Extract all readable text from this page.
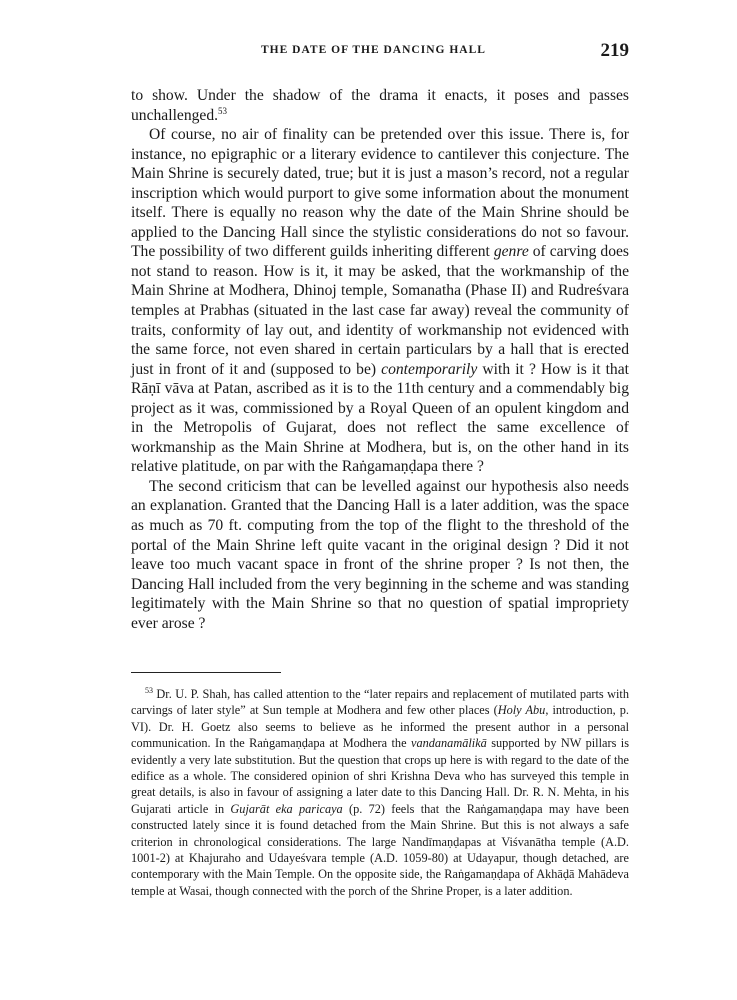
THE DATE OF THE DANCING HALL	219

to show. Under the shadow of the drama it enacts, it poses and passes unchallenged.$^{53}$

Of course, no air of finality can be pretended over this issue. There is, for instance, no epigraphic or a literary evidence to cantilever this conjecture. The Main Shrine is securely dated, true; but it is just a mason’s record, not a regular inscription which would purport to give some information about the monument itself. There is equally no reason why the date of the Main Shrine should be applied to the Dancing Hall since the stylistic considerations do not so favour. The possibility of two different guilds inheriting different genre of carving does not stand to reason. How is it, it may be asked, that the workmanship of the Main Shrine at Modhera, Dhinoj temple, Somanatha (Phase II) and Rudreśvara temples at Prabhas (situated in the last case far away) reveal the community of traits, conformity of lay out, and identity of workmanship not evidenced with the same force, not even shared in certain particulars by a hall that is erected just in front of it and (supposed to be) contemporarily with it ? How is it that Rāṇī vāva at Patan, ascribed as it is to the 11th century and a commendably big project as it was, commissioned by a Royal Queen of an opulent kingdom and in the Metropolis of Gujarat, does not reflect the same excellence of workmanship as the Main Shrine at Modhera, but is, on the other hand in its relative platitude, on par with the Raṅgamaṇḍapa there ?

The second criticism that can be levelled against our hypothesis also needs an explanation. Granted that the Dancing Hall is a later addition, was the space as much as 70 ft. computing from the top of the flight to the threshold of the portal of the Main Shrine left quite vacant in the original design ? Did it not leave too much vacant space in front of the shrine proper ? Is not then, the Dancing Hall included from the very beginning in the scheme and was standing legitimately with the Main Shrine so that no question of spatial impropriety ever arose ?

$^{53}$ Dr. U. P. Shah, has called attention to the “later repairs and replacement of mutilated parts with carvings of later style” at Sun temple at Modhera and few other places (Holy Abu, introduction, p. VI). Dr. H. Goetz also seems to believe as he informed the present author in a personal communication. In the Raṅgamaṇḍapa at Modhera the vandanamālikā supported by NW pillars is evidently a very late substitution. But the question that crops up here is with regard to the date of the edifice as a whole. The considered opinion of shri Krishna Deva who has surveyed this temple in great details, is also in favour of assigning a later date to this Dancing Hall. Dr. R. N. Mehta, in his Gujarati article in Gujarāt eka paricaya (p. 72) feels that the Raṅgamaṇḍapa may have been constructed lately since it is found detached from the Main Shrine. But this is not always a safe criterion in chronological considerations. The large Nandīmaṇḍapas at Viśvanātha temple (A.D. 1001-2) at Khajuraho and Udayeśvara temple (A.D. 1059-80) at Udayapur, though detached, are contemporary with the Main Temple. On the opposite side, the Raṅgamaṇḍapa of Akhāḍā Mahādeva temple at Wasai, though connected with the porch of the Shrine Proper, is a later addition.
